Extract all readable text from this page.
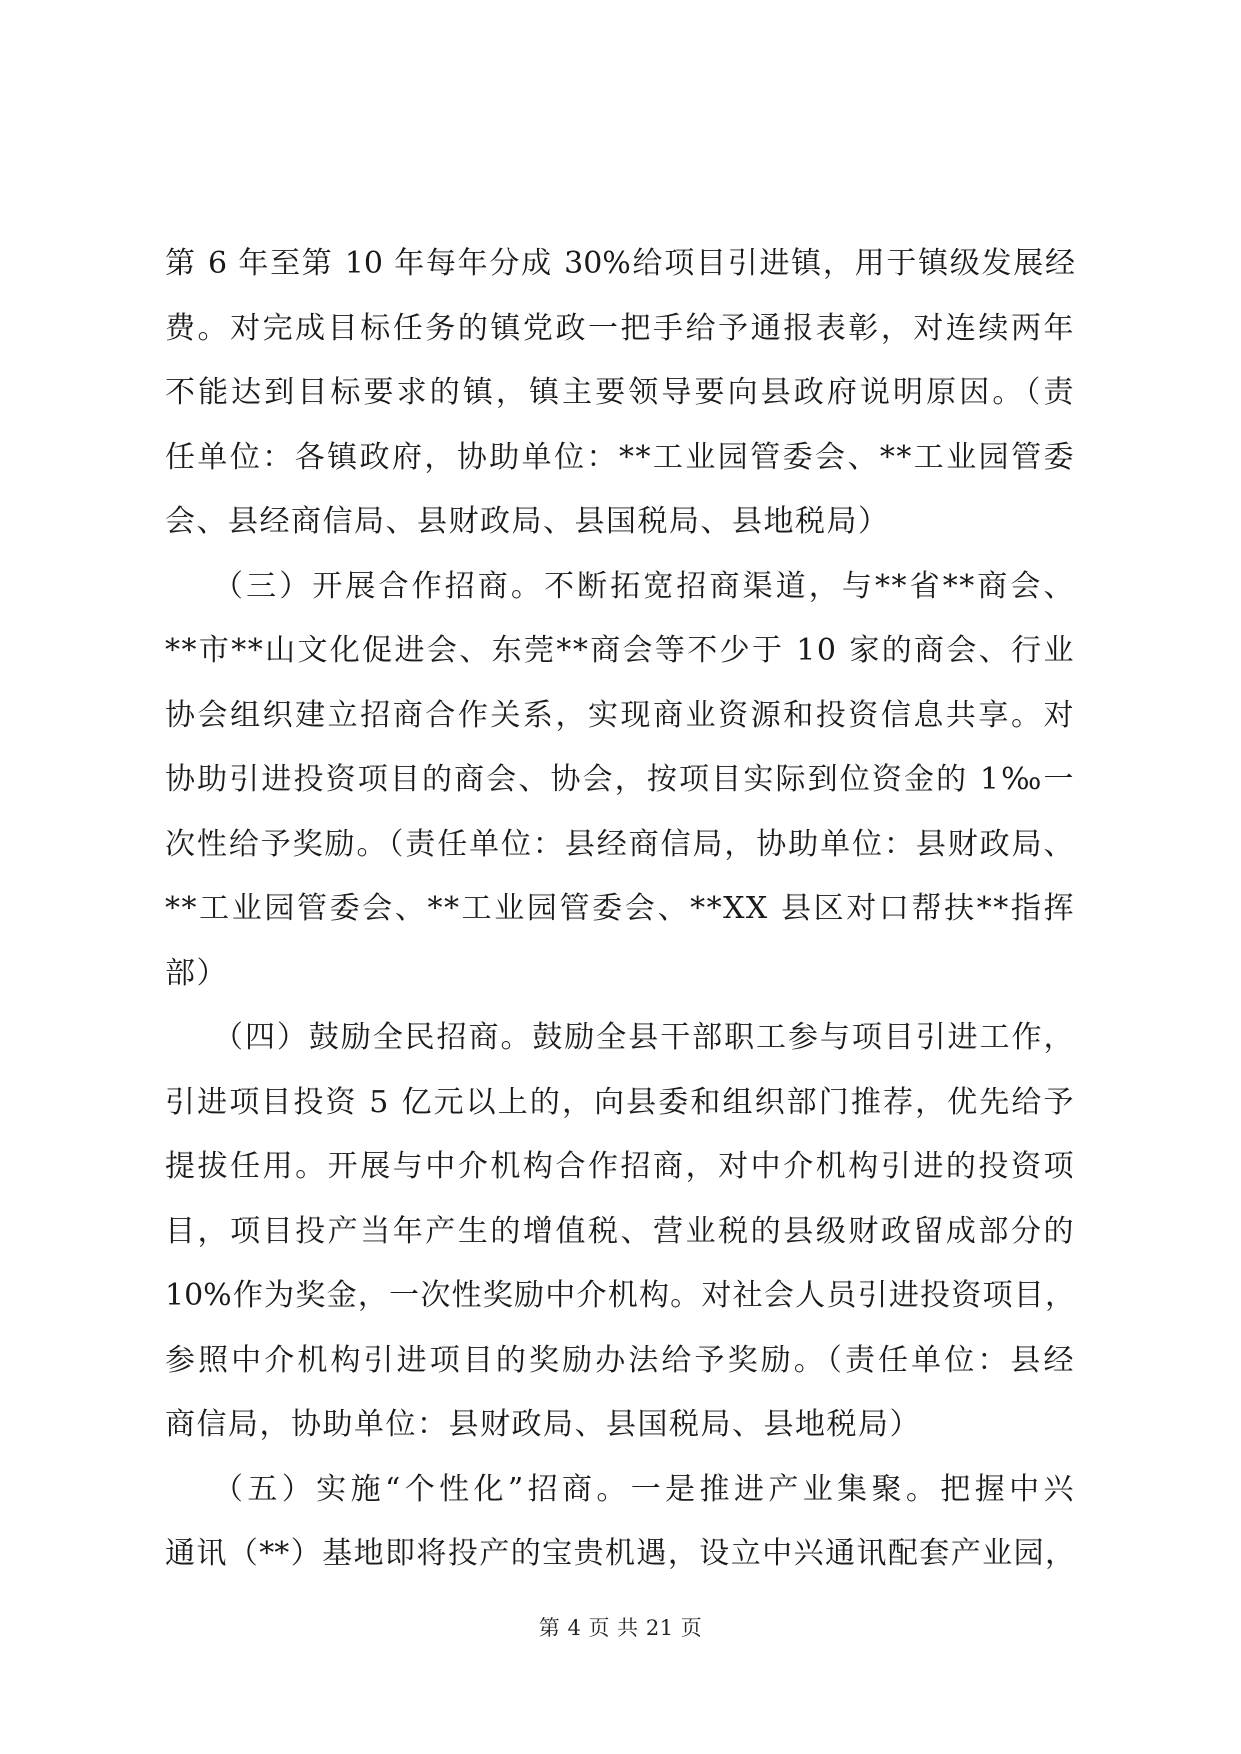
第 6 年至第 10 年每年分成 30%给项目引进镇，用于镇级发展经
费。对完成目标任务的镇党政一把手给予通报表彰，对连续两年
不能达到目标要求的镇，镇主要领导要向县政府说明原因。（责
任单位：各镇政府，协助单位：**工业园管委会、**工业园管委
会、县经商信局、县财政局、县国税局、县地税局）
（三）开展合作招商。不断拓宽招商渠道，与**省**商会、
**市**山文化促进会、东莞**商会等不少于 10 家的商会、行业
协会组织建立招商合作关系，实现商业资源和投资信息共享。对
协助引进投资项目的商会、协会，按项目实际到位资金的 1‰一
次性给予奖励。（责任单位：县经商信局，协助单位：县财政局、
**工业园管委会、**工业园管委会、**XX 县区对口帮扶**指挥
部）
（四）鼓励全民招商。鼓励全县干部职工参与项目引进工作，
引进项目投资 5 亿元以上的，向县委和组织部门推荐，优先给予
提拔任用。开展与中介机构合作招商，对中介机构引进的投资项
目，项目投产当年产生的增值税、营业税的县级财政留成部分的
10%作为奖金，一次性奖励中介机构。对社会人员引进投资项目，
参照中介机构引进项目的奖励办法给予奖励。（责任单位：县经
商信局，协助单位：县财政局、县国税局、县地税局）
（五）实施“个性化”招商。一是推进产业集聚。把握中兴
通讯（**）基地即将投产的宝贵机遇，设立中兴通讯配套产业园，
第 4 页 共 21 页
